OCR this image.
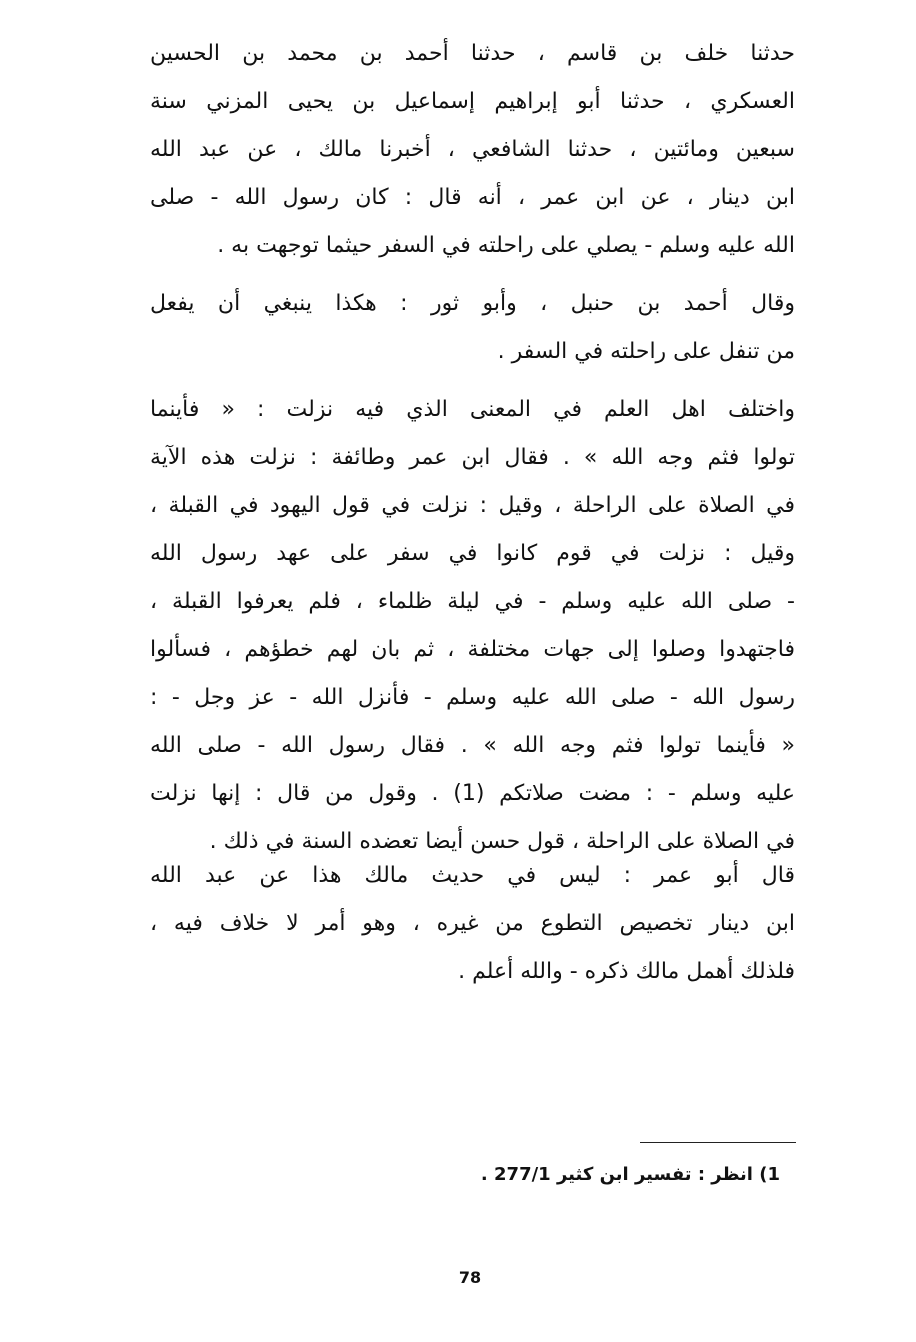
حدثنا خلف بن قاسم ، حدثنا أحمد بن محمد بن الحسين
العسكري ، حدثنا أبو إبراهيم إسماعيل بن يحيى المزني سنة
سبعين ومائتين ، حدثنا الشافعي ، أخبرنا مالك ، عن عبد الله
ابن دينار ، عن ابن عمر ، أنه قال : كان رسول الله - صلى
الله عليه وسلم - يصلي على راحلته في السفر حيثما توجهت به .
وقال أحمد بن حنبل ، وأبو ثور : هكذا ينبغي أن يفعل
من تنفل على راحلته في السفر .
واختلف اهل العلم في المعنى الذي فيه نزلت : « فأينما
تولوا فثم وجه الله » . فقال ابن عمر وطائفة : نزلت هذه الآية
في الصلاة على الراحلة ، وقيل : نزلت في قول اليهود في القبلة ،
وقيل : نزلت في قوم كانوا في سفر على عهد رسول الله
- صلى الله عليه وسلم - في ليلة ظلماء ، فلم يعرفوا القبلة ،
فاجتهدوا وصلوا إلى جهات مختلفة ، ثم بان لهم خطؤهم ، فسألوا
رسول الله - صلى الله عليه وسلم - فأنزل الله - عز وجل - :
« فأينما تولوا فثم وجه الله » . فقال رسول الله - صلى الله
عليه وسلم - : مضت صلاتكم (1) . وقول من قال : إنها نزلت
في الصلاة على الراحلة ، قول حسن أيضا تعضده السنة في ذلك .
قال أبو عمر : ليس في حديث مالك هذا عن عبد الله
ابن دينار تخصيص التطوع من غيره ، وهو أمر لا خلاف فيه ،
فلذلك أهمل مالك ذكره - والله أعلم .
1) انظر : تفسير ابن كثير 277/1 .
78
